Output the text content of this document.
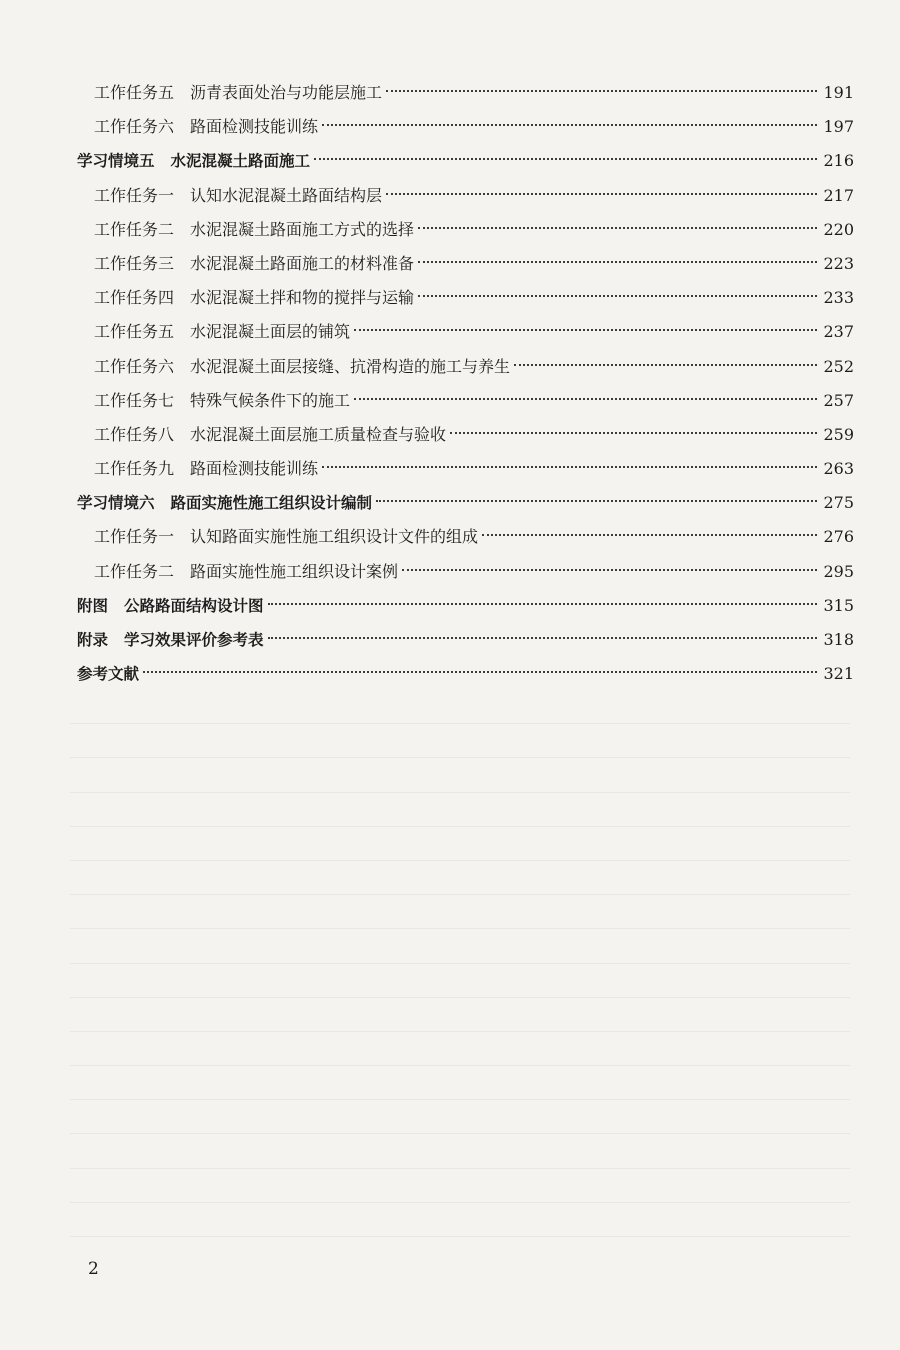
工作任务五 沥青表面处治与功能层施工	191
工作任务六 路面检测技能训练	197
学习情境五 水泥混凝土路面施工	216
工作任务一 认知水泥混凝土路面结构层	217
工作任务二 水泥混凝土路面施工方式的选择	220
工作任务三 水泥混凝土路面施工的材料准备	223
工作任务四 水泥混凝土拌和物的搅拌与运输	233
工作任务五 水泥混凝土面层的铺筑	237
工作任务六 水泥混凝土面层接缝、抗滑构造的施工与养生	252
工作任务七 特殊气候条件下的施工	257
工作任务八 水泥混凝土面层施工质量检查与验收	259
工作任务九 路面检测技能训练	263
学习情境六 路面实施性施工组织设计编制	275
工作任务一 认知路面实施性施工组织设计文件的组成	276
工作任务二 路面实施性施工组织设计案例	295
附图 公路路面结构设计图	315
附录 学习效果评价参考表	318
参考文献	321
2
